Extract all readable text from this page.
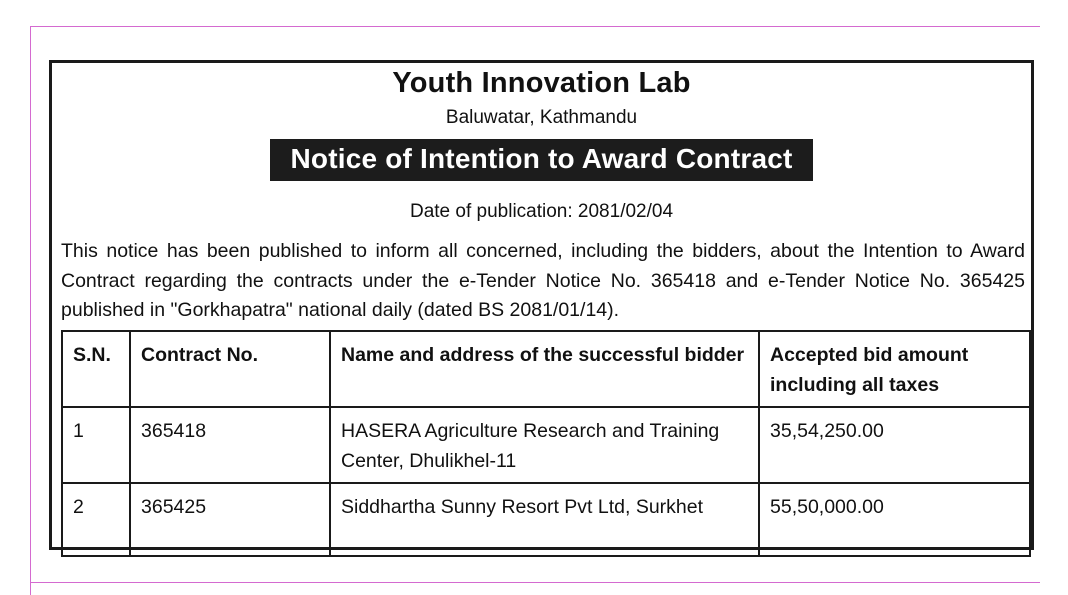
Youth Innovation Lab
Baluwatar, Kathmandu
Notice of Intention to Award Contract
Date of publication: 2081/02/04
This notice has been published to inform all concerned, including the bidders, about the Intention to Award Contract regarding the contracts under the e-Tender Notice No. 365418 and e-Tender Notice No. 365425 published in "Gorkhapatra" national daily (dated BS 2081/01/14).
S.N.	Contract No.	Name and address of the successful bidder	Accepted bid amount including all taxes
1	365418	HASERA Agriculture Research and Training Center, Dhulikhel-11	35,54,250.00
2	365425	Siddhartha Sunny Resort Pvt Ltd, Surkhet	55,50,000.00
